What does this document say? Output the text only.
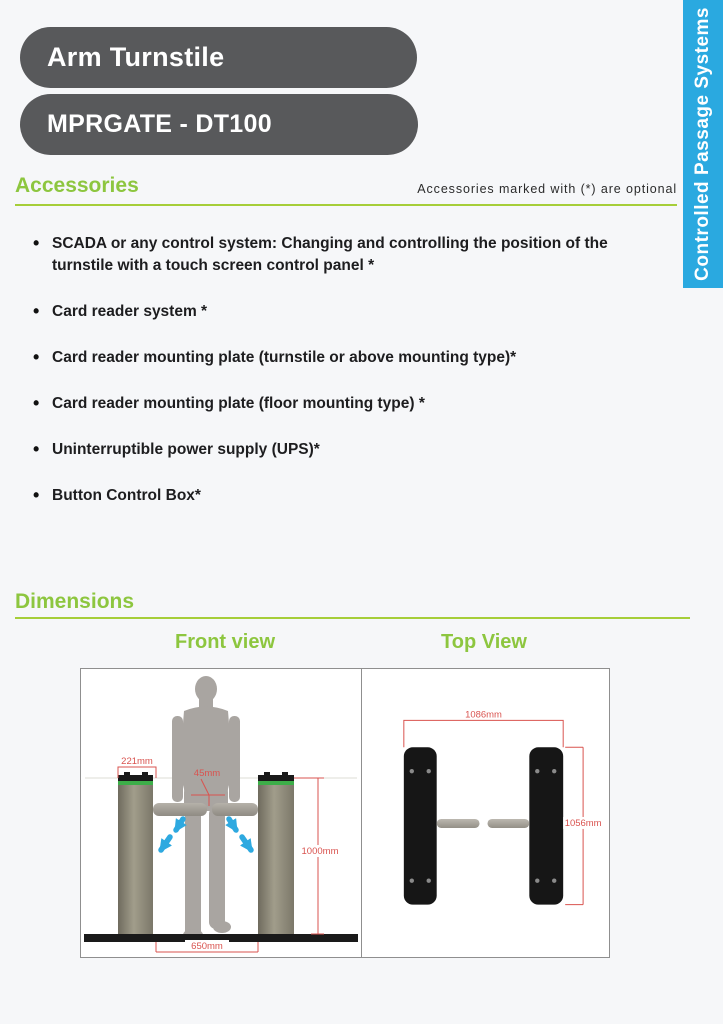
Controlled Passage Systems
Arm Turnstile
MPRGATE - DT100
Accessories	Accessories marked with (*) are optional
• SCADA or any control system: Changing and controlling the position of the turnstile with a touch screen control panel *
• Card reader system *
• Card reader mounting plate (turnstile or above mounting type)*
• Card reader mounting plate (floor mounting type) *
• Uninterruptible power supply (UPS)*
• Button Control Box*
Dimensions
Front view	Top View
221mm
45mm
1000mm
650mm
1086mm
1056mm
